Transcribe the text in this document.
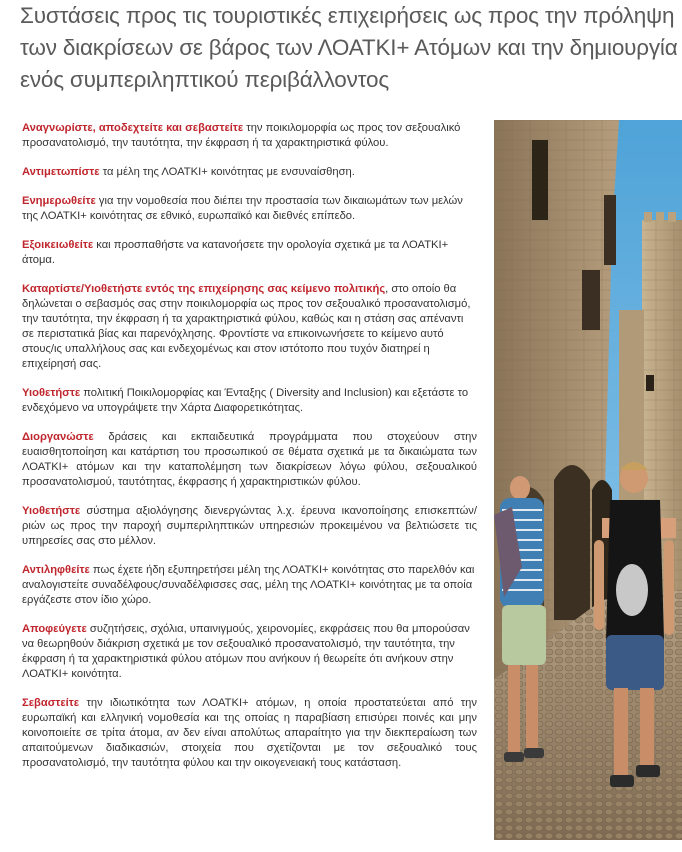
Συστάσεις προς τις τουριστικές επιχειρήσεις ως προς την πρόληψη των διακρίσεων σε βάρος των ΛΟΑΤΚΙ+ Ατόμων και την δημιουργία ενός συμπεριληπτικού περιβάλλοντος

Αναγνωρίστε, αποδεχτείτε και σεβαστείτε την ποικιλομορφία ως προς τον σεξουαλικό προσανατολισμό, την ταυτότητα, την έκφραση ή τα χαρακτηριστικά φύλου.

Αντιμετωπίστε τα μέλη της ΛΟΑΤΚΙ+ κοινότητας με ενσυναίσθηση.

Ενημερωθείτε για την νομοθεσία που διέπει την προστασία των δικαιωμάτων των μελών της ΛΟΑΤΚΙ+ κοινότητας σε εθνικό, ευρωπαϊκό και διεθνές επίπεδο.

Εξοικειωθείτε και προσπαθήστε να κατανοήσετε την ορολογία σχετικά με τα ΛΟΑΤΚΙ+ άτομα.

Καταρτίστε/Υιοθετήστε εντός της επιχείρησης σας κείμενο πολιτικής, στο οποίο θα δηλώνεται ο σεβασμός σας στην ποικιλομορφία ως προς τον σεξουαλικό προσανατολισμό, την ταυτότητα, την έκφραση ή τα χαρακτηριστικά φύλου, καθώς και η στάση σας απέναντι σε περιστατικά βίας και παρενόχλησης. Φροντίστε να επικοινωνήσετε το κείμενο αυτό στους/ις υπαλλήλους σας και ενδεχομένως και στον ιστότοπο που τυχόν διατηρεί η επιχείρησή σας.

Υιοθετήστε πολιτική Ποικιλομορφίας και Ένταξης ( Diversity and Inclusion) και εξετάστε το ενδεχόμενο να υπογράψετε την Χάρτα Διαφορετικότητας.

Διοργανώστε δράσεις και εκπαιδευτικά προγράμματα που στοχεύουν στην ευαισθητοποίηση και κατάρτιση του προσωπικού σε θέματα σχετικά με τα δικαιώματα των ΛΟΑΤΚΙ+ ατόμων και την καταπολέμηση των διακρίσεων λόγω φύλου, σεξουαλικού προσανατολισμού, ταυτότητας, έκφρασης ή χαρακτηριστικών φύλου.

Υιοθετήστε σύστημα αξιολόγησης διενεργώντας λ.χ. έρευνα ικανοποίησης επισκεπτών/ριών ως προς την παροχή συμπεριληπτικών υπηρεσιών προκειμένου να βελτιώσετε τις υπηρεσίες σας στο μέλλον.

Αντιληφθείτε πως έχετε ήδη εξυπηρετήσει μέλη της ΛΟΑΤΚΙ+ κοινότητας στο παρελθόν και αναλογιστείτε συναδέλφους/συναδέλφισσες σας, μέλη της ΛΟΑΤΚΙ+ κοινότητας με τα οποία εργάζεστε στον ίδιο χώρο.

Αποφεύγετε συζητήσεις, σχόλια, υπαινιγμούς, χειρονομίες, εκφράσεις που θα μπορούσαν να θεωρηθούν διάκριση σχετικά με τον σεξουαλικό προσανατολισμό, την ταυτότητα, την έκφραση ή τα χαρακτηριστικά φύλου ατόμων που ανήκουν ή θεωρείτε ότι ανήκουν στην ΛΟΑΤΚΙ+ κοινότητα.

Σεβαστείτε την ιδιωτικότητα των ΛΟΑΤΚΙ+ ατόμων, η οποία προστατεύεται από την ευρωπαϊκή και ελληνική νομοθεσία και της οποίας η παραβίαση επισύρει ποινές και μην κοινοποιείτε σε τρίτα άτομα, αν δεν είναι απολύτως απαραίτητο για την διεκπεραίωση των απαιτούμενων διαδικασιών, στοιχεία που σχετίζονται με τον σεξουαλικό τους προσανατολισμό, την ταυτότητα φύλου και την οικογενειακή τους κατάσταση.
